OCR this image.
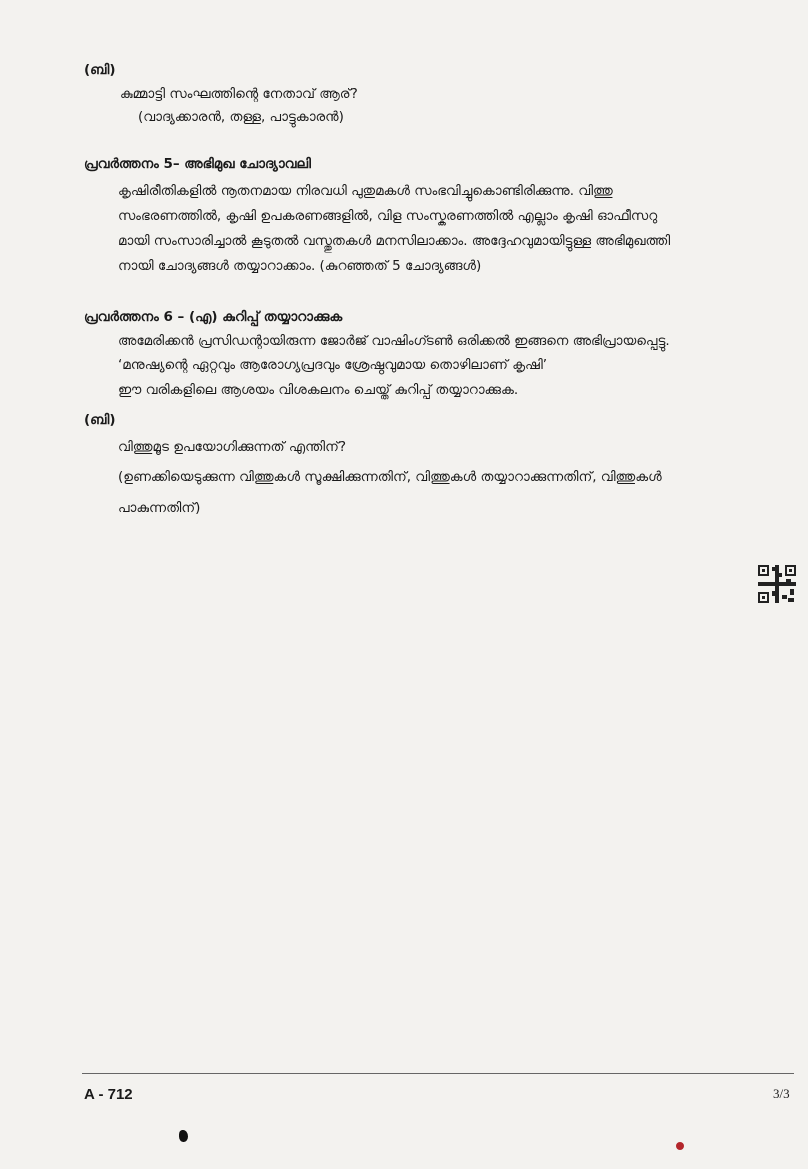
(ബി)
കുമ്മാട്ടി സംഘത്തിന്റെ നേതാവ് ആര്?
(വാദ്യക്കാരൻ, തള്ള, പാട്ടുകാരൻ)
പ്രവർത്തനം 5– അഭിമുഖ ചോദ്യാവലി
കൃഷിരീതികളിൽ നൂതനമായ നിരവധി പുതുമകൾ സംഭവിച്ചുകൊണ്ടിരിക്കുന്നു. വിത്തു
സംഭരണത്തിൽ, കൃഷി ഉപകരണങ്ങളിൽ, വിള സംസ്കരണത്തിൽ എല്ലാം കൃഷി ഓഫീസറു
മായി സംസാരിച്ചാൽ കൂടുതൽ വസ്തുതകൾ മനസിലാക്കാം. അദ്ദേഹവുമായിട്ടുള്ള അഭിമുഖത്തി
നായി ചോദ്യങ്ങൾ തയ്യാറാക്കാം. (കുറഞ്ഞത് 5 ചോദ്യങ്ങൾ)
പ്രവർത്തനം 6 – (എ) കുറിപ്പ് തയ്യാറാക്കുക
അമേരിക്കൻ പ്രസിഡന്റായിരുന്ന ജോർജ് വാഷിംഗ്ടൺ ഒരിക്കൽ ഇങ്ങനെ അഭിപ്രായപ്പെട്ടു.
‘മനുഷ്യന്റെ ഏറ്റവും ആരോഗ്യപ്രദവും ശ്രേഷ്ഠവുമായ തൊഴിലാണ് കൃഷി’
ഈ വരികളിലെ ആശയം വിശകലനം ചെയ്ത് കുറിപ്പ് തയ്യാറാക്കുക.
(ബി)
വിത്തുമൂട ഉപയോഗിക്കുന്നത് എന്തിന്?
(ഉണക്കിയെടുക്കുന്ന വിത്തുകൾ സൂക്ഷിക്കുന്നതിന്, വിത്തുകൾ തയ്യാറാക്കുന്നതിന്, വിത്തുകൾ
പാകുന്നതിന്)
A - 712	3/3
